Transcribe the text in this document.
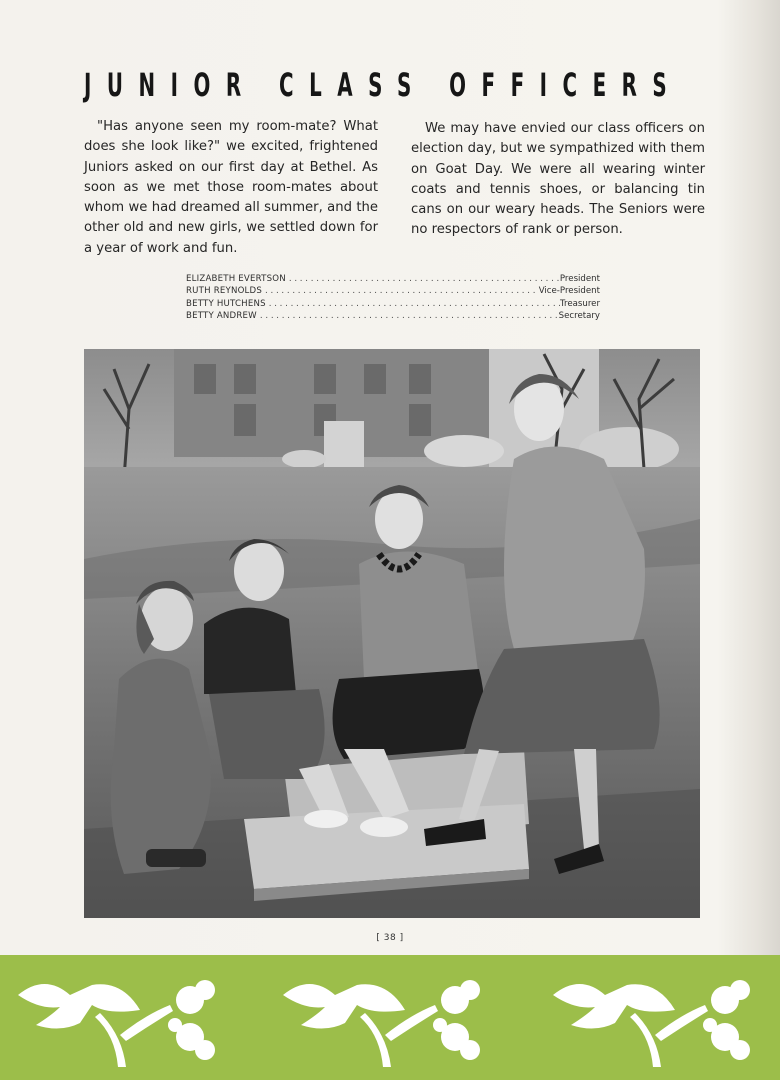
JUNIOR CLASS OFFICERS

"Has anyone seen my room-mate? What does she look like?" we excited, frightened Juniors asked on our first day at Bethel. As soon as we met those room-mates about whom we had dreamed all summer, and the other old and new girls, we settled down for a year of work and fun.

We may have envied our class officers on election day, but we sympathized with them on Goat Day. We were all wearing winter coats and tennis shoes, or balancing tin cans on our weary heads. The Seniors were no respectors of rank or person.

ELIZABETH EVERTSON . . .	President
RUTH REYNOLDS . . .	Vice-President
BETTY HUTCHENS . . .	Treasurer
BETTY ANDREW . . .	Secretary
[ 38 ]
